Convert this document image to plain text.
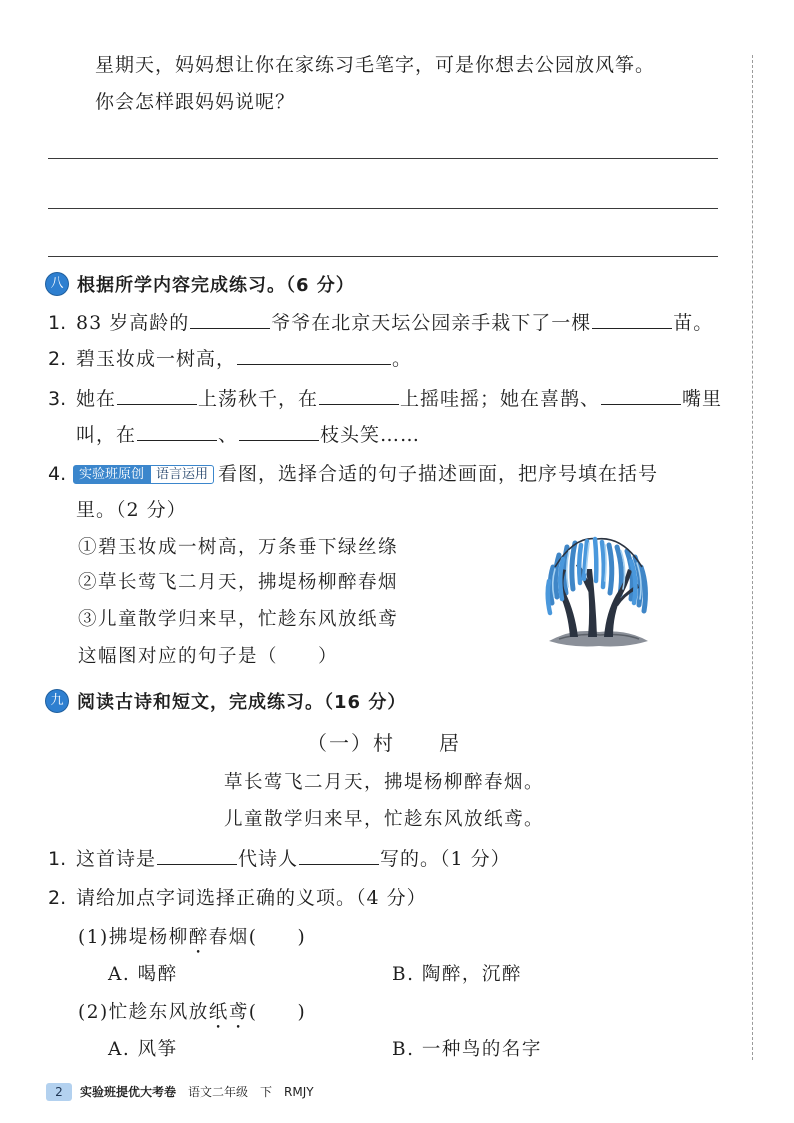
星期天，妈妈想让你在家练习毛笔字，可是你想去公园放风筝。
你会怎样跟妈妈说呢？
八 根据所学内容完成练习。（6 分）
1. 83 岁高龄的	爷爷在北京天坛公园亲手栽下了一棵	苗。
2. 碧玉妆成一树高，	。
3. 她在	上荡秋千，在	上摇哇摇；她在喜鹊、	嘴里
叫，在	、	枝头笑……
4. 实验班原创 语言运用 看图，选择合适的句子描述画面，把序号填在括号
里。（2 分）
①碧玉妆成一树高，万条垂下绿丝绦
②草长莺飞二月天，拂堤杨柳醉春烟
③儿童散学归来早，忙趁东风放纸鸢
这幅图对应的句子是（　　）
九 阅读古诗和短文，完成练习。（16 分）
（一）村　　居
草长莺飞二月天，拂堤杨柳醉春烟。
儿童散学归来早，忙趁东风放纸鸢。
1. 这首诗是	代诗人	写的。（1 分）
2. 请给加点字词选择正确的义项。（4 分）
(1)拂堤杨柳醉春烟(　　)
A. 喝醉	B. 陶醉，沉醉
(2)忙趁东风放纸鸢(　　)
A. 风筝	B. 一种鸟的名字
2	实验班提优大考卷 语文二年级 下 RMJY
